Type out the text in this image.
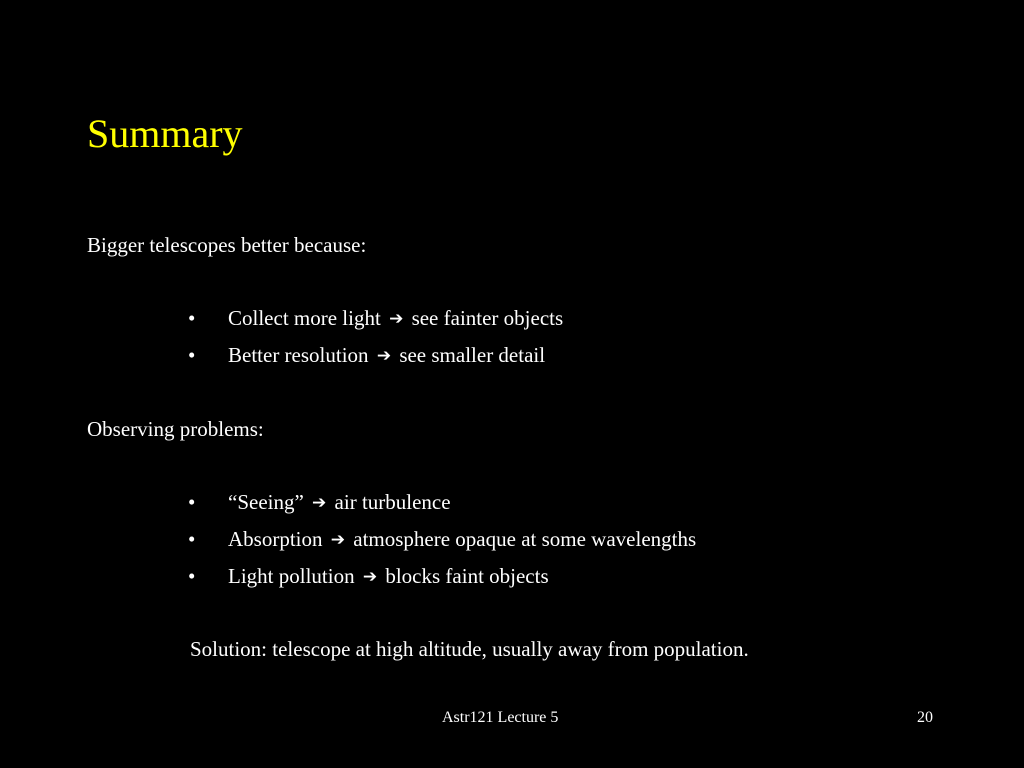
Summary
Bigger telescopes better because:
• Collect more light ➔ see fainter objects
• Better resolution ➔ see smaller detail
Observing problems:
• “Seeing” ➔ air turbulence
• Absorption ➔ atmosphere opaque at some wavelengths
• Light pollution ➔ blocks faint objects
Solution: telescope at high altitude, usually away from population.
Astr121 Lecture 5	20
